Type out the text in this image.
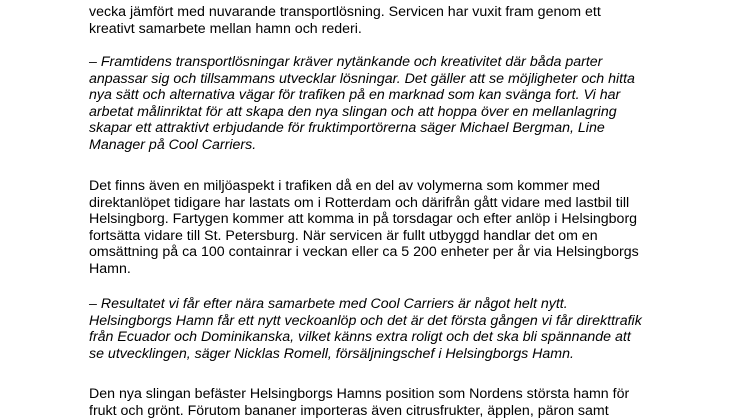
vecka jämfört med nuvarande transportlösning. Servicen har vuxit fram genom ett
kreativt samarbete mellan hamn och rederi.

– Framtidens transportlösningar kräver nytänkande och kreativitet där båda parter
anpassar sig och tillsammans utvecklar lösningar. Det gäller att se möjligheter och hitta
nya sätt och alternativa vägar för trafiken på en marknad som kan svänga fort. Vi har
arbetat målinriktat för att skapa den nya slingan och att hoppa över en mellanlagring
skapar ett attraktivt erbjudande för fruktimportörerna säger Michael Bergman, Line
Manager på Cool Carriers.

Det finns även en miljöaspekt i trafiken då en del av volymerna som kommer med
direktanlöpet tidigare har lastats om i Rotterdam och därifrån gått vidare med lastbil till
Helsingborg. Fartygen kommer att komma in på torsdagar och efter anlöp i Helsingborg
fortsätta vidare till St. Petersburg. När servicen är fullt utbyggd handlar det om en
omsättning på ca 100 containrar i veckan eller ca 5 200 enheter per år via Helsingborgs
Hamn.

– Resultatet vi får efter nära samarbete med Cool Carriers är något helt nytt.
Helsingborgs Hamn får ett nytt veckoanlöp och det är det första gången vi får direkttrafik
från Ecuador och Dominikanska, vilket känns extra roligt och det ska bli spännande att
se utvecklingen, säger Nicklas Romell, försäljningschef i Helsingborgs Hamn.

Den nya slingan befäster Helsingborgs Hamns position som Nordens största hamn för
frukt och grönt. Förutom bananer importeras även citrusfrukter, äpplen, päron samt
